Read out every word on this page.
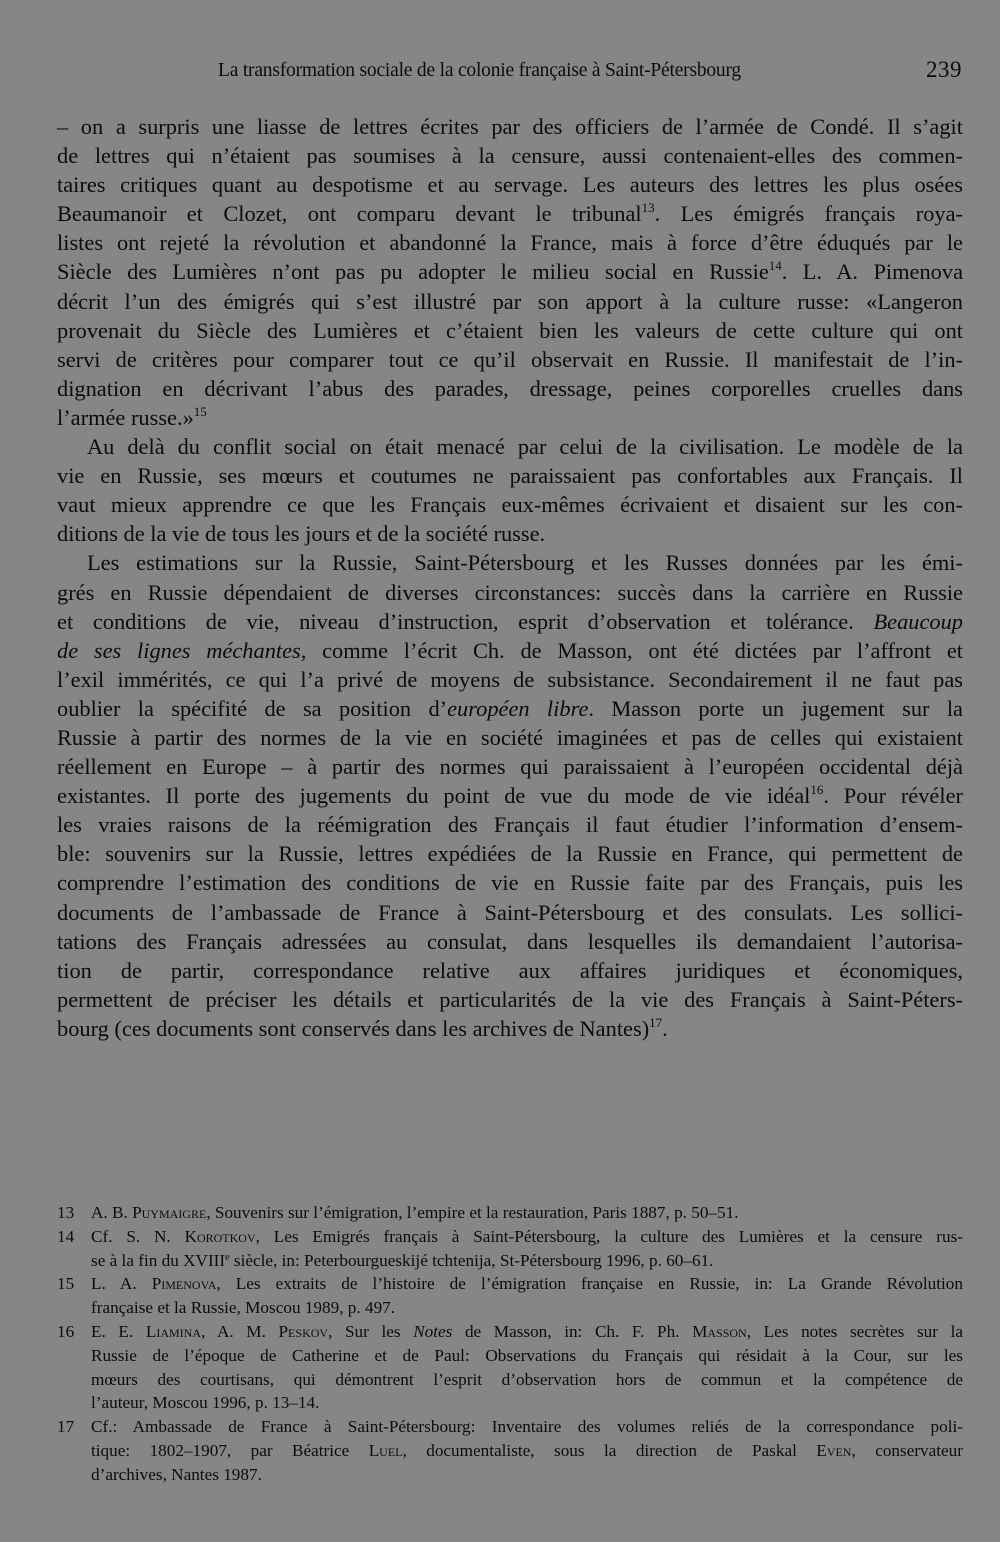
La transformation sociale de la colonie française à Saint-Pétersbourg	239
– on a surpris une liasse de lettres écrites par des officiers de l’armée de Condé. Il s’agit
de lettres qui n’étaient pas soumises à la censure, aussi contenaient-elles des commen-
taires critiques quant au despotisme et au servage. Les auteurs des lettres les plus osées
Beaumanoir et Clozet, ont comparu devant le tribunal$^{13}$. Les émigrés français roya-
listes ont rejeté la révolution et abandonné la France, mais à force d’être éduqués par le
Siècle des Lumières n’ont pas pu adopter le milieu social en Russie$^{14}$. L. A. Pimenova
décrit l’un des émigrés qui s’est illustré par son apport à la culture russe: «Langeron
provenait du Siècle des Lumières et c’étaient bien les valeurs de cette culture qui ont
servi de critères pour comparer tout ce qu’il observait en Russie. Il manifestait de l’in-
dignation en décrivant l’abus des parades, dressage, peines corporelles cruelles dans
l’armée russe.»$^{15}$
Au delà du conflit social on était menacé par celui de la civilisation. Le modèle de la
vie en Russie, ses mœurs et coutumes ne paraissaient pas confortables aux Français. Il
vaut mieux apprendre ce que les Français eux-mêmes écrivaient et disaient sur les con-
ditions de la vie de tous les jours et de la société russe.
Les estimations sur la Russie, Saint-Pétersbourg et les Russes données par les émi-
grés en Russie dépendaient de diverses circonstances: succès dans la carrière en Russie
et conditions de vie, niveau d’instruction, esprit d’observation et tolérance. Beaucoup
de ses lignes méchantes, comme l’écrit Ch. de Masson, ont été dictées par l’affront et
l’exil immérités, ce qui l’a privé de moyens de subsistance. Secondairement il ne faut pas
oublier la spécifité de sa position d’européen libre. Masson porte un jugement sur la
Russie à partir des normes de la vie en société imaginées et pas de celles qui existaient
réellement en Europe – à partir des normes qui paraissaient à l’européen occidental déjà
existantes. Il porte des jugements du point de vue du mode de vie idéal$^{16}$. Pour révéler
les vraies raisons de la réémigration des Français il faut étudier l’information d’ensem-
ble: souvenirs sur la Russie, lettres expédiées de la Russie en France, qui permettent de
comprendre l’estimation des conditions de vie en Russie faite par des Français, puis les
documents de l’ambassade de France à Saint-Pétersbourg et des consulats. Les sollici-
tations des Français adressées au consulat, dans lesquelles ils demandaient l’autorisa-
tion de partir, correspondance relative aux affaires juridiques et économiques,
permettent de préciser les détails et particularités de la vie des Français à Saint-Péters-
bourg (ces documents sont conservés dans les archives de Nantes)$^{17}$.
13 A. B. Puymaigre, Souvenirs sur l’émigration, l’empire et la restauration, Paris 1887, p. 50–51.
14 Cf. S. N. Korotkov, Les Emigrés français à Saint-Pétersbourg, la culture des Lumières et la censure rus-
se à la fin du XVIIIe siècle, in: Peterbourgueskijé tchtenija, St-Pétersbourg 1996, p. 60–61.
15 L. A. Pimenova, Les extraits de l’histoire de l’émigration française en Russie, in: La Grande Révolution
française et la Russie, Moscou 1989, p. 497.
16 E. E. Liamina, A. M. Peskov, Sur les Notes de Masson, in: Ch. F. Ph. Masson, Les notes secrètes sur la
Russie de l’époque de Catherine et de Paul: Observations du Français qui résidait à la Cour, sur les
mœurs des courtisans, qui démontrent l’esprit d’observation hors de commun et la compétence de
l’auteur, Moscou 1996, p. 13–14.
17 Cf.: Ambassade de France à Saint-Pétersbourg: Inventaire des volumes reliés de la correspondance poli-
tique: 1802–1907, par Béatrice Luel, documentaliste, sous la direction de Paskal Even, conservateur
d’archives, Nantes 1987.
